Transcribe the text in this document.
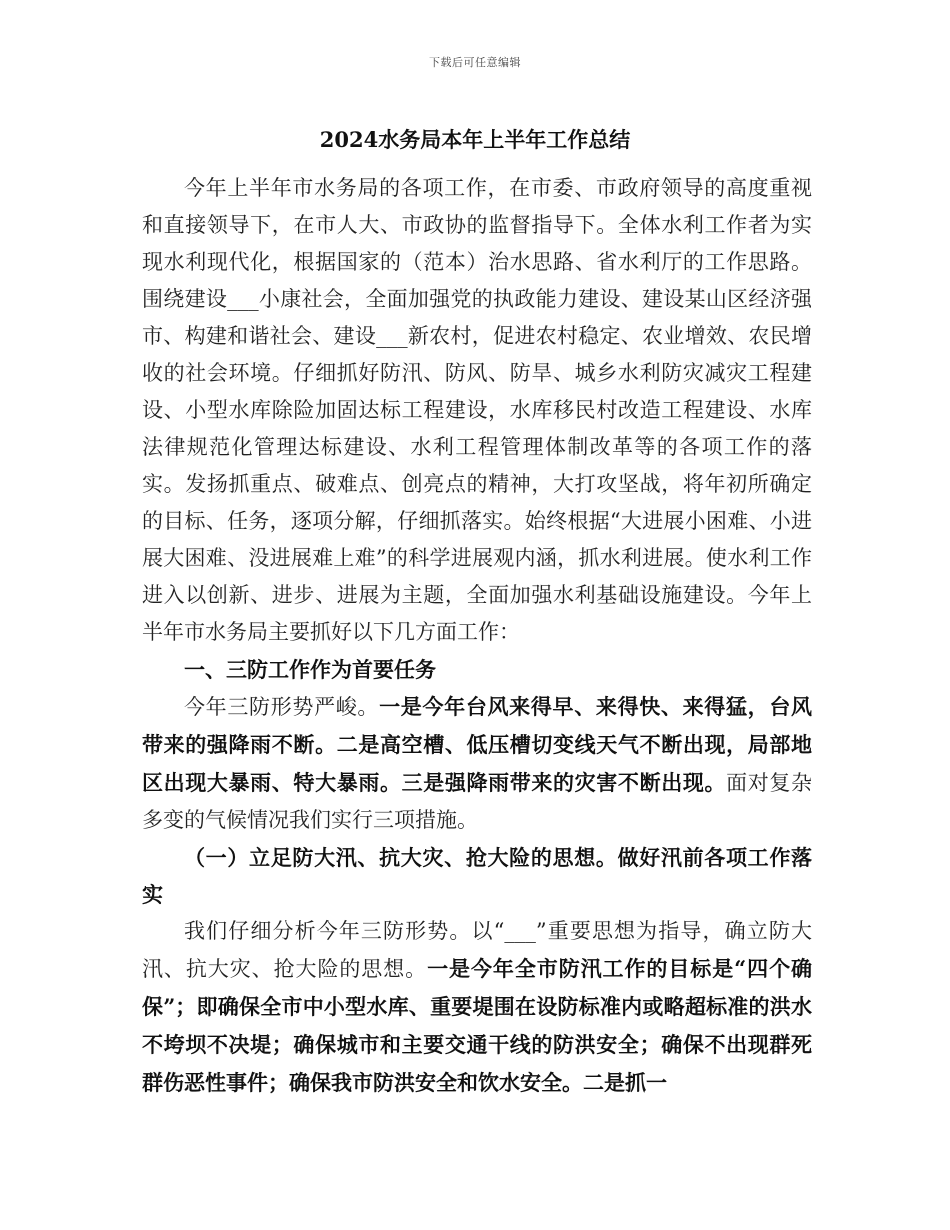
下载后可任意编辑
2024水务局本年上半年工作总结

今年上半年市水务局的各项工作，在市委、市政府领导的高度重视和直接领导下，在市人大、市政协的监督指导下。全体水利工作者为实现水利现代化，根据国家的（范本）治水思路、省水利厅的工作思路。围绕建设___小康社会，全面加强党的执政能力建设、建设某山区经济强市、构建和谐社会、建设___新农村，促进农村稳定、农业增效、农民增收的社会环境。仔细抓好防汛、防风、防旱、城乡水利防灾减灾工程建设、小型水库除险加固达标工程建设，水库移民村改造工程建设、水库法律规范化管理达标建设、水利工程管理体制改革等的各项工作的落实。发扬抓重点、破难点、创亮点的精神，大打攻坚战，将年初所确定的目标、任务，逐项分解，仔细抓落实。始终根据“大进展小困难、小进展大困难、没进展难上难”的科学进展观内涵，抓水利进展。使水利工作进入以创新、进步、进展为主题，全面加强水利基础设施建设。今年上半年市水务局主要抓好以下几方面工作：

一、三防工作作为首要任务

今年三防形势严峻。一是今年台风来得早、来得快、来得猛，台风带来的强降雨不断。二是高空槽、低压槽切变线天气不断出现，局部地区出现大暴雨、特大暴雨。三是强降雨带来的灾害不断出现。面对复杂多变的气候情况我们实行三项措施。

（一）立足防大汛、抗大灾、抢大险的思想。做好汛前各项工作落实

我们仔细分析今年三防形势。以“___”重要思想为指导，确立防大汛、抗大灾、抢大险的思想。一是今年全市防汛工作的目标是“四个确保”；即确保全市中小型水库、重要堤围在设防标准内或略超标准的洪水不垮坝不决堤；确保城市和主要交通干线的防洪安全；确保不出现群死群伤恶性事件；确保我市防洪安全和饮水安全。二是抓一
